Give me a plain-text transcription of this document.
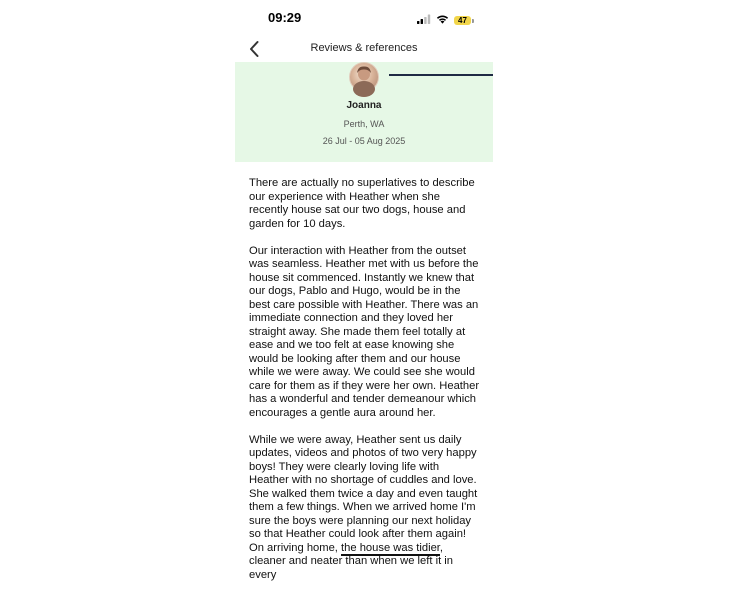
09:29	47
Reviews & references
Joanna
Perth, WA
26 Jul - 05 Aug 2025

There are actually no superlatives to describe our experience with Heather when she recently house sat our two dogs, house and garden for 10 days.

Our interaction with Heather from the outset was seamless. Heather met with us before the house sit commenced. Instantly we knew that our dogs, Pablo and Hugo, would be in the best care possible with Heather. There was an immediate connection and they loved her straight away. She made them feel totally at ease and we too felt at ease knowing she would be looking after them and our house while we were away. We could see she would care for them as if they were her own. Heather has a wonderful and tender demeanour which encourages a gentle aura around her.

While we were away, Heather sent us daily updates, videos and photos of two very happy boys! They were clearly loving life with Heather with no shortage of cuddles and love. She walked them twice a day and even taught them a few things. When we arrived home I'm sure the boys were planning our next holiday so that Heather could look after them again! On arriving home, the house was tidier, cleaner and neater than when we left it in every
